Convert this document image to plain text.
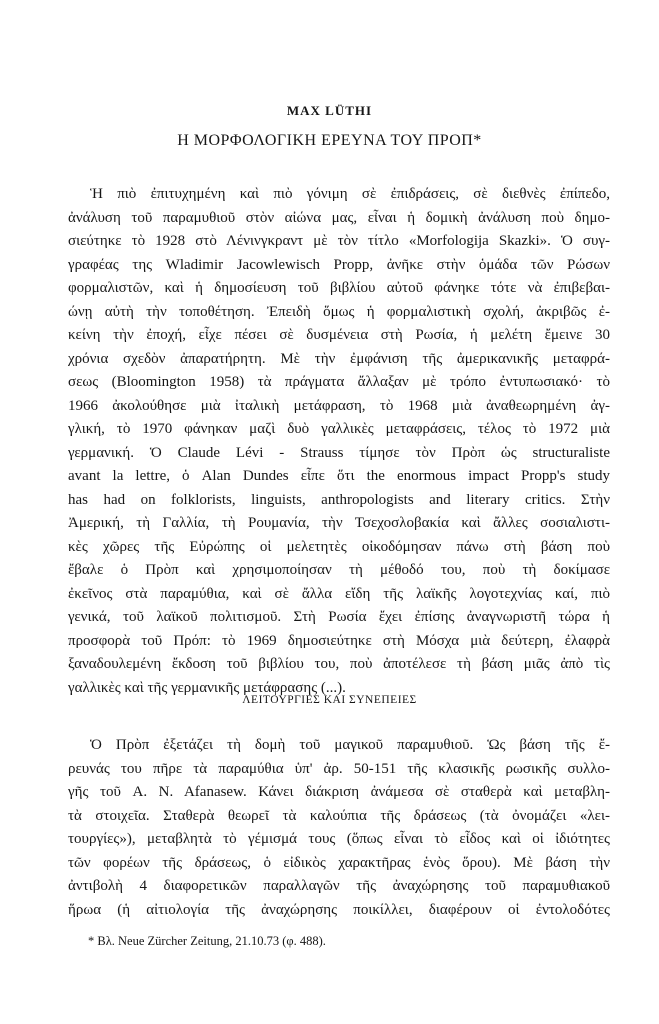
MAX LÜTHI
Η ΜΟΡΦΟΛΟΓΙΚΗ ΕΡΕΥΝΑ ΤΟΥ ΠΡΟΠ*
Ἡ πιὸ ἐπιτυχημένη καὶ πιὸ γόνιμη σὲ ἐπιδράσεις, σὲ διεθνὲς ἐπίπεδο,
ἀνάλυση τοῦ παραμυθιοῦ στὸν αἰώνα μας, εἶναι ἡ δομικὴ ἀνάλυση ποὺ δημο-
σιεύτηκε τὸ 1928 στὸ Λένινγκραντ μὲ τὸν τίτλο «Morfologija Skazki». Ὁ συγ-
γραφέας της Wladimir Jacowlewisch Propp, ἀνῆκε στὴν ὁμάδα τῶν Ρώσων
φορμαλιστῶν, καὶ ἡ δημοσίευση τοῦ βιβλίου αὐτοῦ φάνηκε τότε νὰ ἐπιβεβαι-
ώνῃ αὐτὴ τὴν τοποθέτηση. Ἐπειδὴ ὅμως ἡ φορμαλιστικὴ σχολή, ἀκριβῶς ἐ-
κείνη τὴν ἐποχή, εἶχε πέσει σὲ δυσμένεια στὴ Ρωσία, ἡ μελέτη ἔμεινε 30
χρόνια σχεδὸν ἀπαρατήρητη. Μὲ τὴν ἐμφάνιση τῆς ἀμερικανικῆς μεταφρά-
σεως (Bloomington 1958) τὰ πράγματα ἄλλαξαν μὲ τρόπο ἐντυπωσιακό· τὸ
1966 ἀκολούθησε μιὰ ἰταλικὴ μετάφραση, τὸ 1968 μιὰ ἀναθεωρημένη ἀγ-
γλική, τὸ 1970 φάνηκαν μαζὶ δυὸ γαλλικὲς μεταφράσεις, τέλος τὸ 1972 μιὰ
γερμανική. Ὁ Claude Lévi - Strauss τίμησε τὸν Πρὸπ ὡς structuraliste
avant la lettre, ὁ Alan Dundes εἶπε ὅτι the enormous impact Propp's study
has had on folklorists, linguists, anthropologists and literary critics. Στὴν
Ἀμερική, τὴ Γαλλία, τὴ Ρουμανία, τὴν Τσεχοσλοβακία καὶ ἄλλες σοσιαλιστι-
κὲς χῶρες τῆς Εὐρώπης οἱ μελετητὲς οἰκοδόμησαν πάνω στὴ βάση ποὺ
ἔβαλε ὁ Πρὸπ καὶ χρησιμοποίησαν τὴ μέθοδό του, ποὺ τὴ δοκίμασε
ἐκεῖνος στὰ παραμύθια, καὶ σὲ ἄλλα εἴδη τῆς λαϊκῆς λογοτεχνίας καί, πιὸ
γενικά, τοῦ λαϊκοῦ πολιτισμοῦ. Στὴ Ρωσία ἔχει ἐπίσης ἀναγνωριστῆ τώρα ἡ
προσφορὰ τοῦ Πρόπ: τὸ 1969 δημοσιεύτηκε στὴ Μόσχα μιὰ δεύτερη, ἐλαφρὰ
ξαναδουλεμένη ἔκδοση τοῦ βιβλίου του, ποὺ ἀποτέλεσε τὴ βάση μιᾶς ἀπὸ τὶς
γαλλικὲς καὶ τῆς γερμανικῆς μετάφρασης (...).
ΛΕΙΤΟΥΡΓΙΕΣ ΚΑΙ ΣΥΝΕΠΕΙΕΣ
Ὁ Πρὸπ ἐξετάζει τὴ δομὴ τοῦ μαγικοῦ παραμυθιοῦ. Ὡς βάση τῆς ἔ-
ρευνάς του πῆρε τὰ παραμύθια ὑπ' ἀρ. 50-151 τῆς κλασικῆς ρωσικῆς συλλο-
γῆς τοῦ A. N. Afanasew. Κάνει διάκριση ἀνάμεσα σὲ σταθερὰ καὶ μεταβλη-
τὰ στοιχεῖα. Σταθερὰ θεωρεῖ τὰ καλούπια τῆς δράσεως (τὰ ὀνομάζει «λει-
τουργίες»), μεταβλητὰ τὸ γέμισμά τους (ὅπως εἶναι τὸ εἶδος καὶ οἱ ἰδιότητες
τῶν φορέων τῆς δράσεως, ὁ εἰδικὸς χαρακτῆρας ἑνὸς ὅρου). Μὲ βάση τὴν
ἀντιβολὴ 4 διαφορετικῶν παραλλαγῶν τῆς ἀναχώρησης τοῦ παραμυθιακοῦ
ἥρωα (ἡ αἰτιολογία τῆς ἀναχώρησης ποικίλλει, διαφέρουν οἱ ἐντολοδότες
* Βλ. Neue Zürcher Zeitung, 21.10.73 (φ. 488).
